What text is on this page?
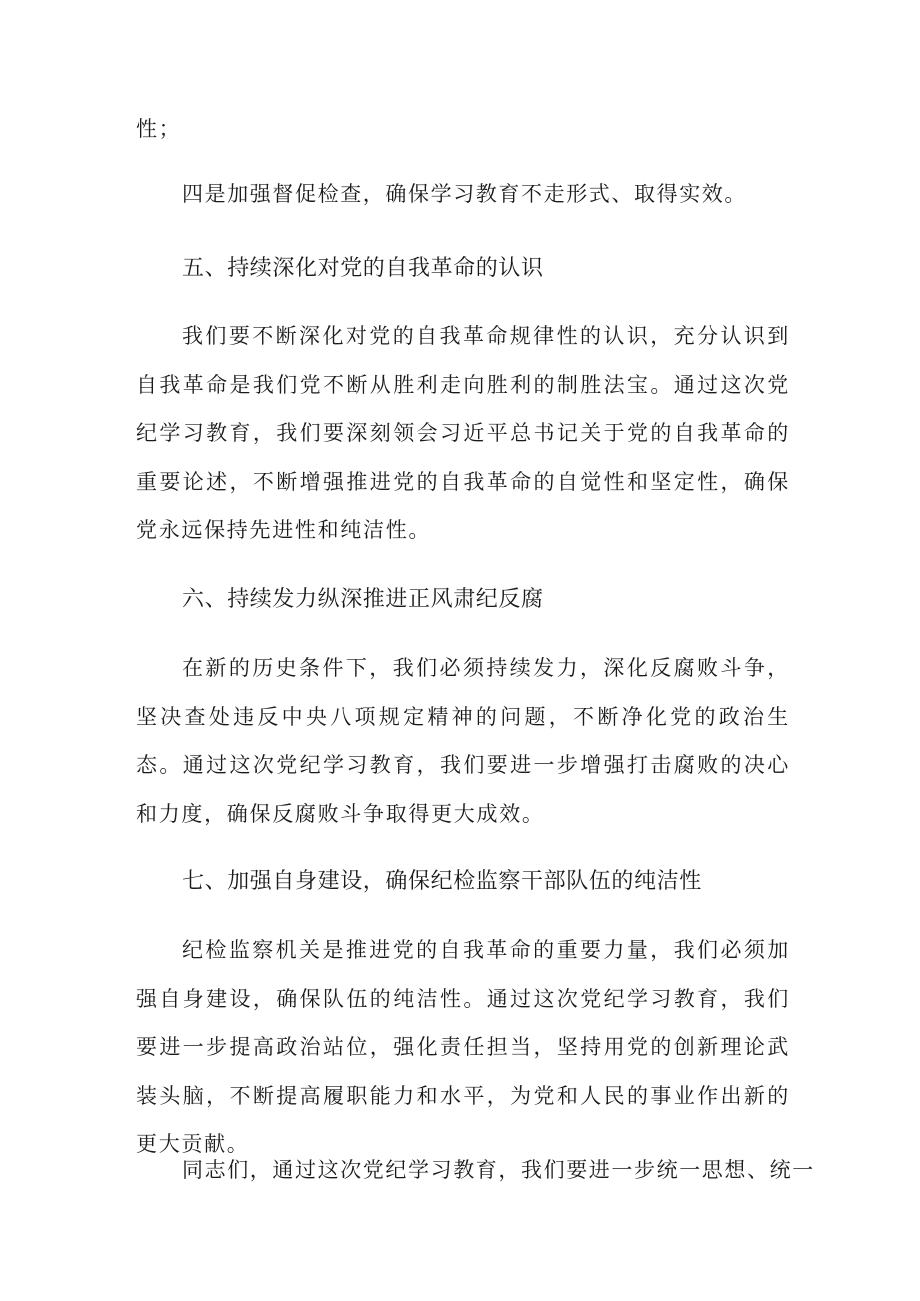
性；

四是加强督促检查，确保学习教育不走形式、取得实效。

五、持续深化对党的自我革命的认识

我们要不断深化对党的自我革命规律性的认识，充分认识到自我革命是我们党不断从胜利走向胜利的制胜法宝。通过这次党纪学习教育，我们要深刻领会习近平总书记关于党的自我革命的重要论述，不断增强推进党的自我革命的自觉性和坚定性，确保党永远保持先进性和纯洁性。

六、持续发力纵深推进正风肃纪反腐

在新的历史条件下，我们必须持续发力，深化反腐败斗争，坚决查处违反中央八项规定精神的问题，不断净化党的政治生态。通过这次党纪学习教育，我们要进一步增强打击腐败的决心和力度，确保反腐败斗争取得更大成效。

七、加强自身建设，确保纪检监察干部队伍的纯洁性

纪检监察机关是推进党的自我革命的重要力量，我们必须加强自身建设，确保队伍的纯洁性。通过这次党纪学习教育，我们要进一步提高政治站位，强化责任担当，坚持用党的创新理论武装头脑，不断提高履职能力和水平，为党和人民的事业作出新的更大贡献。

同志们，通过这次党纪学习教育，我们要进一步统一思想、统一
